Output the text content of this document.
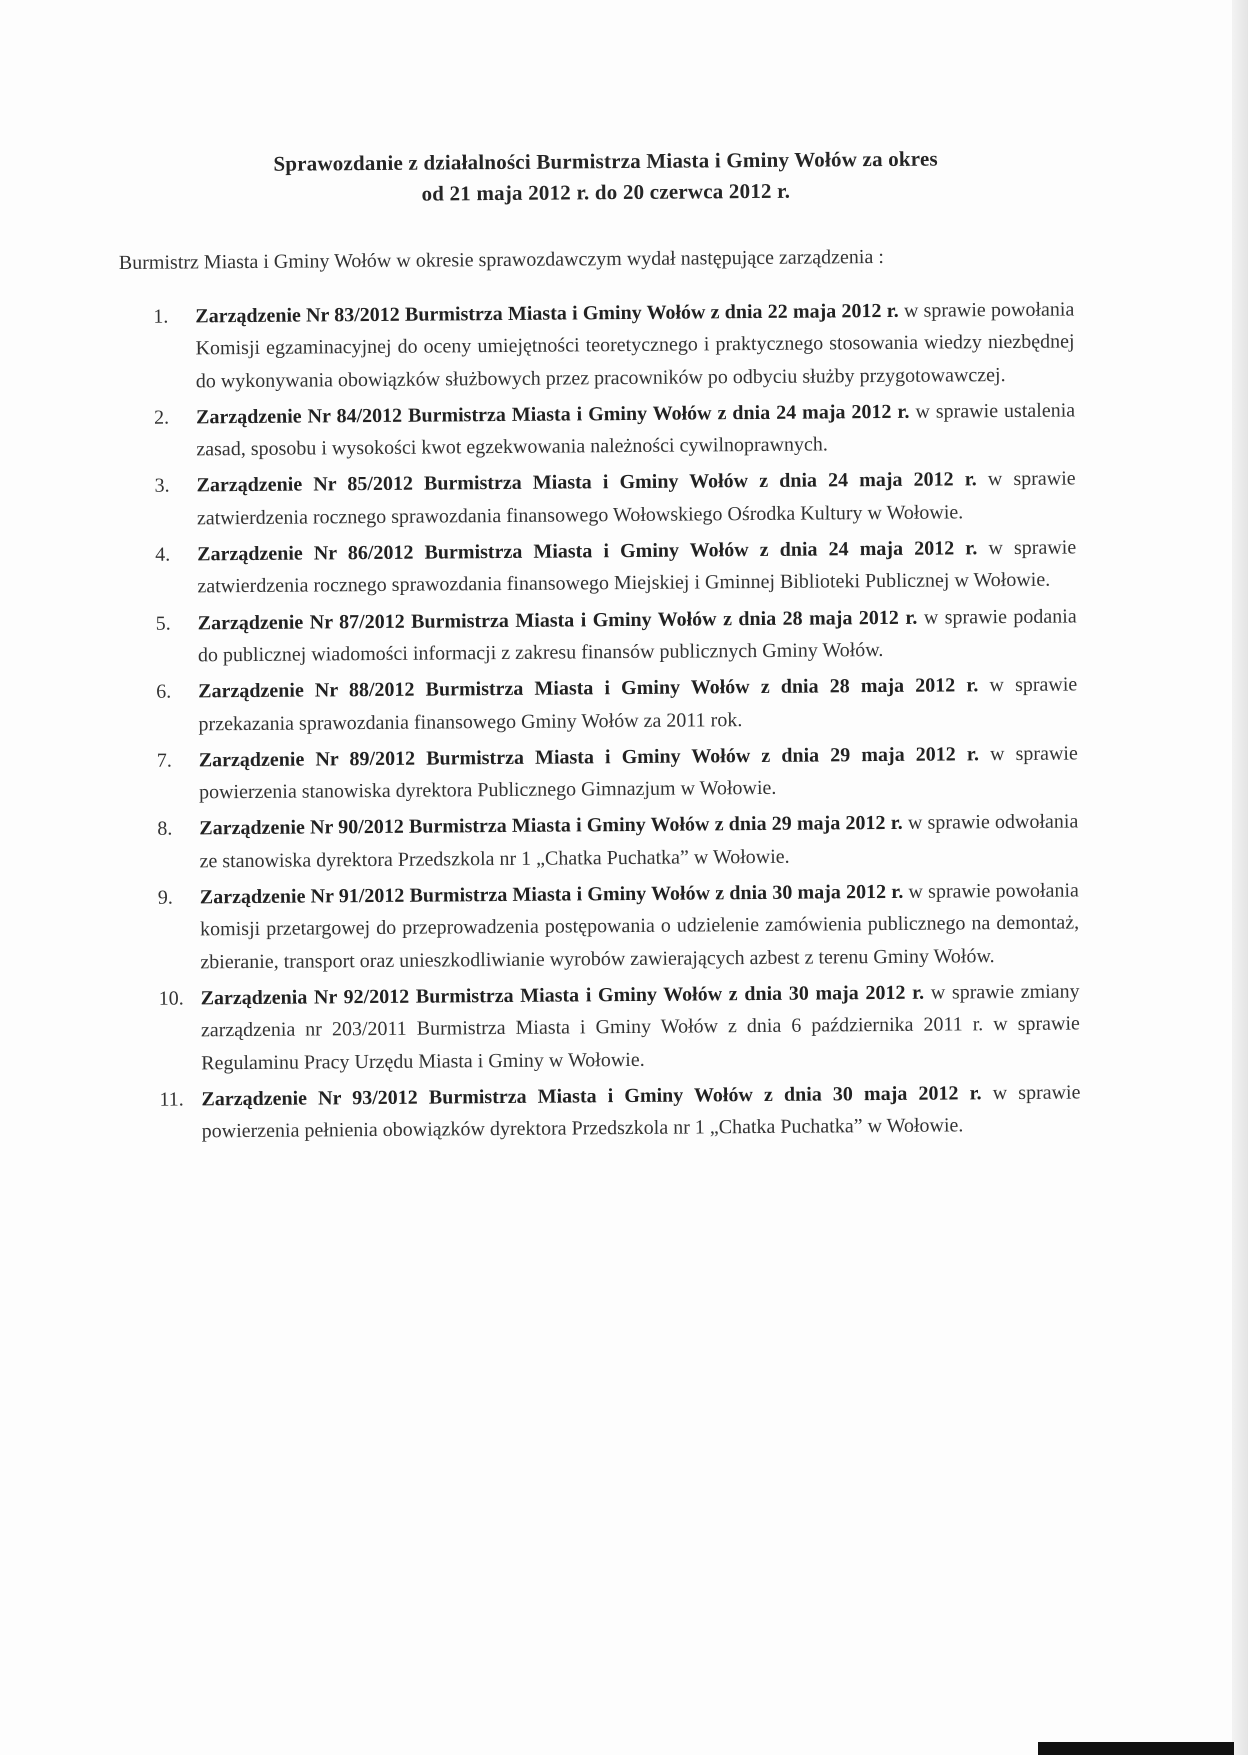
Sprawozdanie z działalności Burmistrza Miasta i Gminy Wołów za okres
od 21 maja 2012 r. do 20 czerwca 2012 r.

Burmistrz Miasta i Gminy Wołów w okresie sprawozdawczym wydał następujące zarządzenia :

1. Zarządzenie Nr 83/2012 Burmistrza Miasta i Gminy Wołów z dnia 22 maja 2012 r. w sprawie powołania Komisji egzaminacyjnej do oceny umiejętności teoretycznego i praktycznego stosowania wiedzy niezbędnej do wykonywania obowiązków służbowych przez pracowników po odbyciu służby przygotowawczej.
2. Zarządzenie Nr 84/2012 Burmistrza Miasta i Gminy Wołów z dnia 24 maja 2012 r. w sprawie ustalenia zasad, sposobu i wysokości kwot egzekwowania należności cywilnoprawnych.
3. Zarządzenie Nr 85/2012 Burmistrza Miasta i Gminy Wołów z dnia 24 maja 2012 r. w sprawie zatwierdzenia rocznego sprawozdania finansowego Wołowskiego Ośrodka Kultury w Wołowie.
4. Zarządzenie Nr 86/2012 Burmistrza Miasta i Gminy Wołów z dnia 24 maja 2012 r. w sprawie zatwierdzenia rocznego sprawozdania finansowego Miejskiej i Gminnej Biblioteki Publicznej w Wołowie.
5. Zarządzenie Nr 87/2012 Burmistrza Miasta i Gminy Wołów z dnia 28 maja 2012 r. w sprawie podania do publicznej wiadomości informacji z zakresu finansów publicznych Gminy Wołów.
6. Zarządzenie Nr 88/2012 Burmistrza Miasta i Gminy Wołów z dnia 28 maja 2012 r. w sprawie przekazania sprawozdania finansowego Gminy Wołów za 2011 rok.
7. Zarządzenie Nr 89/2012 Burmistrza Miasta i Gminy Wołów z dnia 29 maja 2012 r. w sprawie powierzenia stanowiska dyrektora Publicznego Gimnazjum w Wołowie.
8. Zarządzenie Nr 90/2012 Burmistrza Miasta i Gminy Wołów z dnia 29 maja 2012 r. w sprawie odwołania ze stanowiska dyrektora Przedszkola nr 1 „Chatka Puchatka” w Wołowie.
9. Zarządzenie Nr 91/2012 Burmistrza Miasta i Gminy Wołów z dnia 30 maja 2012 r. w sprawie powołania komisji przetargowej do przeprowadzenia postępowania o udzielenie zamówienia publicznego na demontaż, zbieranie, transport oraz unieszkodliwianie wyrobów zawierających azbest z terenu Gminy Wołów.
10. Zarządzenia Nr 92/2012 Burmistrza Miasta i Gminy Wołów z dnia 30 maja 2012 r. w sprawie zmiany zarządzenia nr 203/2011 Burmistrza Miasta i Gminy Wołów z dnia 6 października 2011 r. w sprawie Regulaminu Pracy Urzędu Miasta i Gminy w Wołowie.
11. Zarządzenie Nr 93/2012 Burmistrza Miasta i Gminy Wołów z dnia 30 maja 2012 r. w sprawie powierzenia pełnienia obowiązków dyrektora Przedszkola nr 1 „Chatka Puchatka” w Wołowie.
